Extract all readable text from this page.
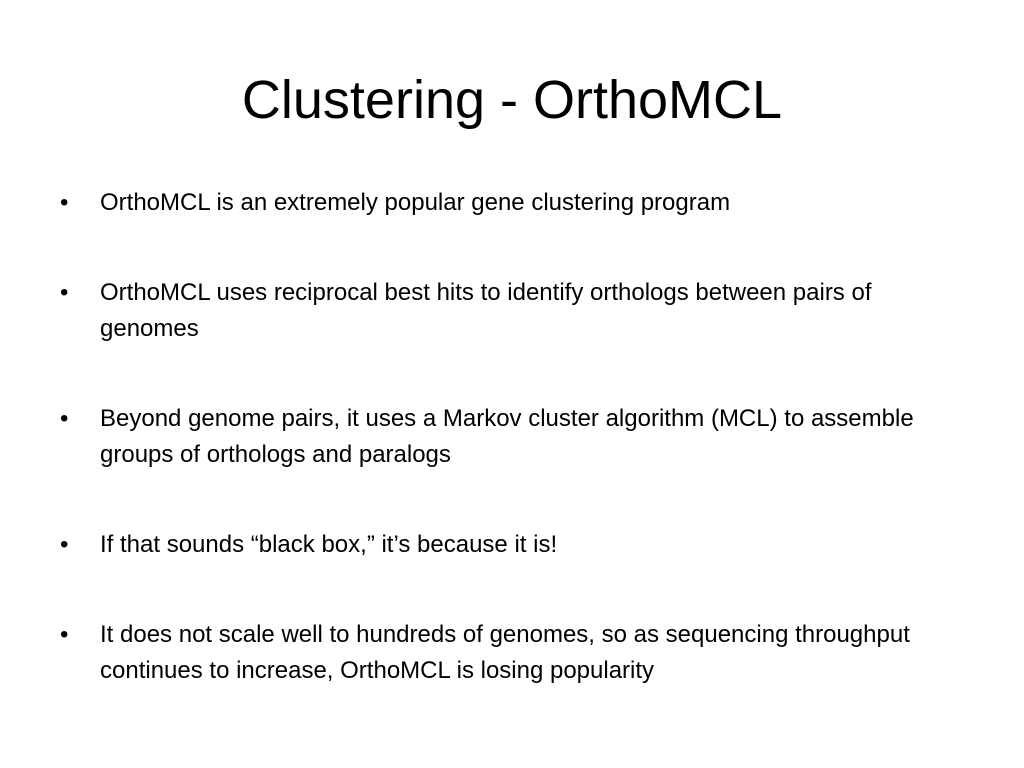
Clustering - OrthoMCL
• OrthoMCL is an extremely popular gene clustering program
• OrthoMCL uses reciprocal best hits to identify orthologs between pairs of genomes
• Beyond genome pairs, it uses a Markov cluster algorithm (MCL) to assemble groups of orthologs and paralogs
• If that sounds “black box,” it’s because it is!
• It does not scale well to hundreds of genomes, so as sequencing throughput continues to increase, OrthoMCL is losing popularity
